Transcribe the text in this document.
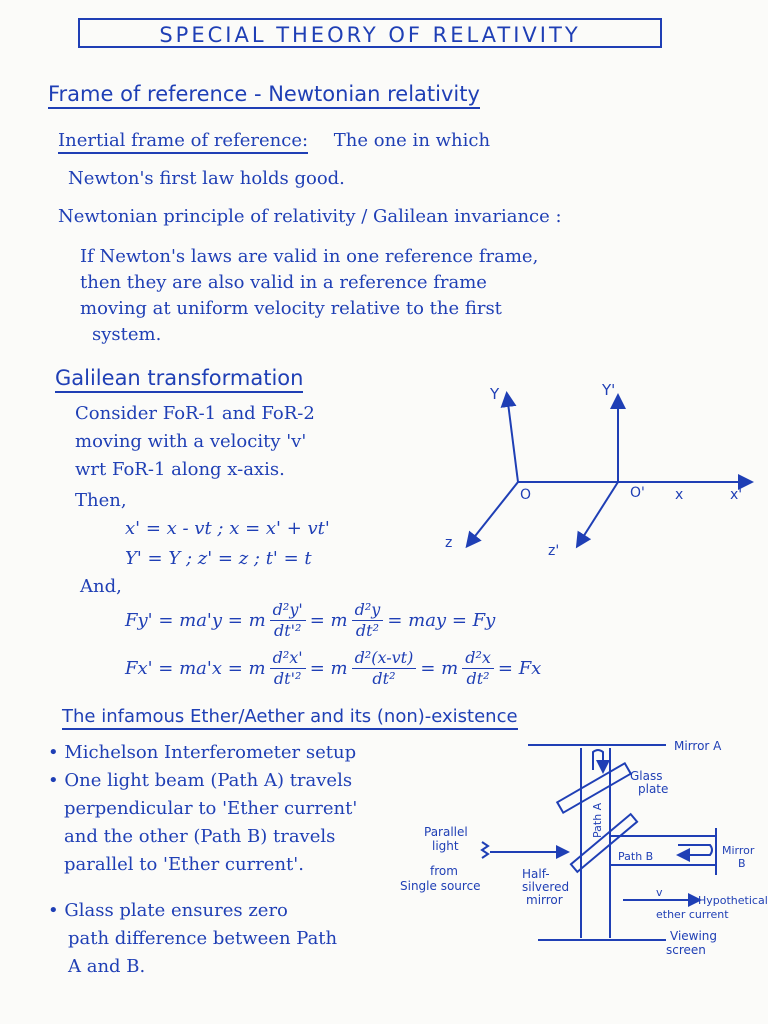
SPECIAL THEORY OF RELATIVITY
Frame of reference - Newtonian relativity
Inertial frame of reference: The one in which
Newton's first law holds good.
Newtonian principle of relativity / Galilean invariance :
If Newton's laws are valid in one reference frame,
then they are also valid in a reference frame
moving at uniform velocity relative to the first
system.
Galilean transformation
Consider FoR-1 and FoR-2
moving with a velocity 'v'
wrt FoR-1 along x-axis.
Then,
x' = x - vt ; x = x' + vt'
Y' = Y ; z' = z ; t' = t
And,
Fy' = ma'y = m $\frac{\text{d²y'}}{\text{dt'²}} = m \frac{\text{d²y}}{\text{dt²}}$ = may = Fy
Fx' = ma'x = m $\frac{\text{d²x'}}{\text{dt'²}} = m \frac{\text{d²(x-vt)}}{\text{dt²}} = m \frac{\text{d²x}}{\text{dt²}} = Fx$
Y	Y'
O	O' x	x'
z	z'
The infamous Ether/Aether and its (non)-existence
• Michelson Interferometer setup
• One light beam (Path A) travels
perpendicular to 'Ether current'
and the other (Path B) travels
parallel to 'Ether current'.
• Glass plate ensures zero
path difference between Path
A and B.
Mirror A
Glass
plate
Path A
Path B	Mirror
B
Parallel
light
from
Single source
Half-
silvered
mirror
v
Hypothetical
ether current
Viewing
screen
